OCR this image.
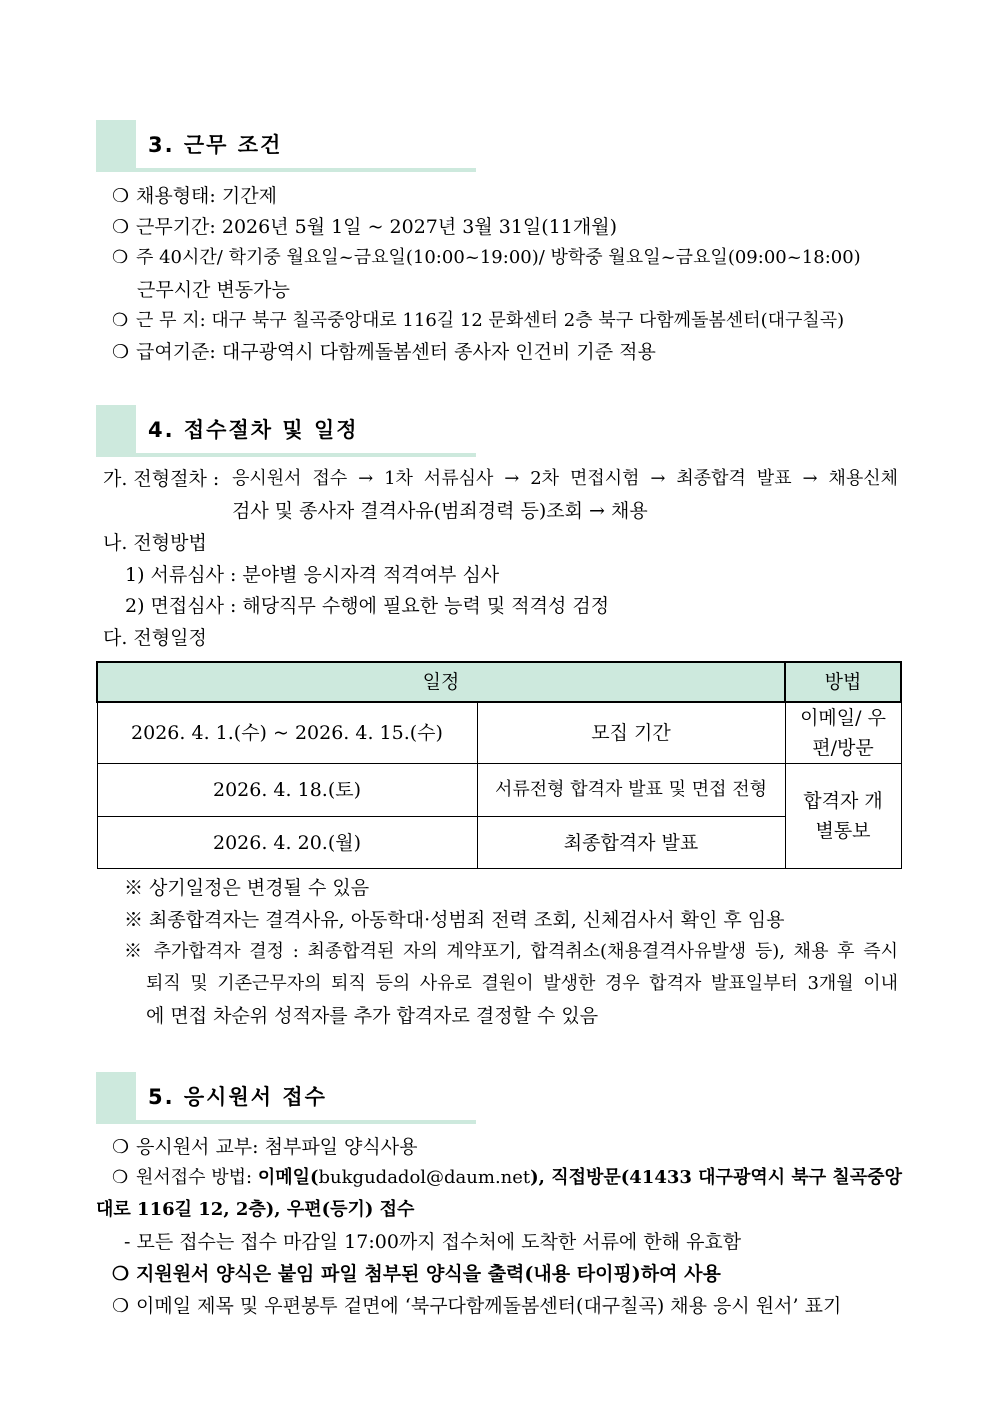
3. 근무 조건
❍ 채용형태: 기간제
❍ 근무기간: 2026년 5월 1일 ~ 2027년 3월 31일(11개월)
❍ 주 40시간/ 학기중 월요일~금요일(10:00~19:00)/ 방학중 월요일~금요일(09:00~18:00)
근무시간 변동가능
❍ 근 무 지: 대구 북구 칠곡중앙대로 116길 12 문화센터 2층 북구 다함께돌봄센터(대구칠곡)
❍ 급여기준: 대구광역시 다함께돌봄센터 종사자 인건비 기준 적용
4. 접수절차 및 일정
가. 전형절차 : 응시원서 접수 → 1차 서류심사 → 2차 면접시험 → 최종합격 발표 → 채용신체
검사 및 종사자 결격사유(범죄경력 등)조회 → 채용
나. 전형방법
1) 서류심사 : 분야별 응시자격 적격여부 심사
2) 면접심사 : 해당직무 수행에 필요한 능력 및 적격성 검정
다. 전형일정
일정		방법
2026. 4. 1.(수) ~ 2026. 4. 15.(수)	모집 기간	이메일/ 우편/방문
2026. 4. 18.(토)	서류전형 합격자 발표 및 면접 전형	합격자 개별통보
2026. 4. 20.(월)	최종합격자 발표	
※ 상기일정은 변경될 수 있음
※ 최종합격자는 결격사유, 아동학대·성범죄 전력 조회, 신체검사서 확인 후 임용
※ 추가합격자 결정 : 최종합격된 자의 계약포기, 합격취소(채용결격사유발생 등), 채용 후 즉시
퇴직 및 기존근무자의 퇴직 등의 사유로 결원이 발생한 경우 합격자 발표일부터 3개월 이내
에 면접 차순위 성적자를 추가 합격자로 결정할 수 있음
5. 응시원서 접수
❍ 응시원서 교부: 첨부파일 양식사용
❍ 원서접수 방법: 이메일(bukgudadol@daum.net), 직접방문(41433 대구광역시 북구 칠곡중앙
대로 116길 12, 2층), 우편(등기) 접수
- 모든 접수는 접수 마감일 17:00까지 접수처에 도착한 서류에 한해 유효함
❍ 지원원서 양식은 붙임 파일 첨부된 양식을 출력(내용 타이핑)하여 사용
❍ 이메일 제목 및 우편봉투 겉면에 ‘북구다함께돌봄센터(대구칠곡) 채용 응시 원서’ 표기
